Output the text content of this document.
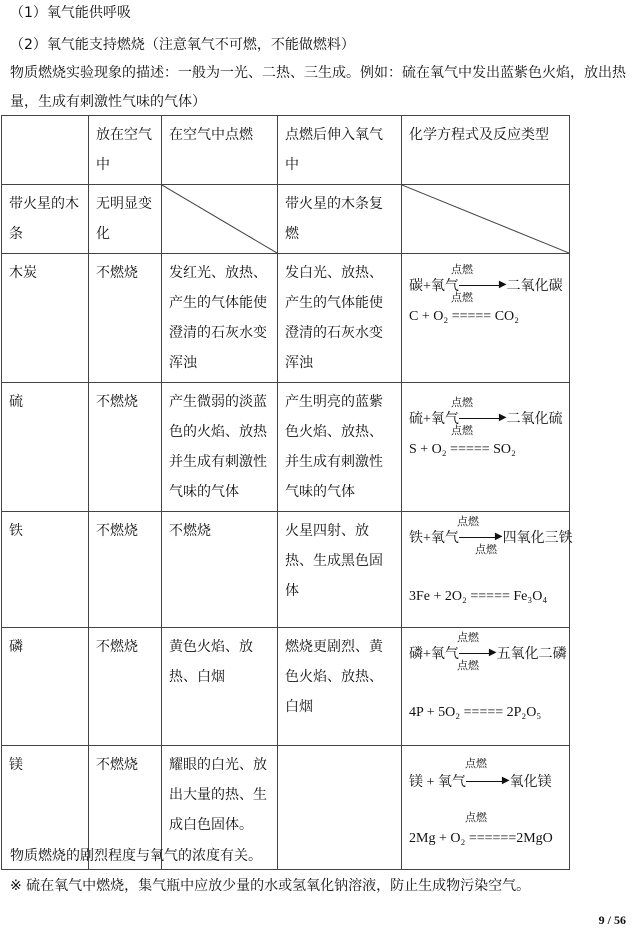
（1）氧气能供呼吸
（2）氧气能支持燃烧（注意氧气不可燃，不能做燃料）
物质燃烧实验现象的描述：一般为一光、二热、三生成。例如：硫在氧气中发出蓝紫色火焰，放出热量，生成有刺激性气味的气体）
	放在空气中	在空气中点燃	点燃后伸入氧气中	化学方程式及反应类型
带火星的木条	无明显变化		带火星的木条复燃	

木炭	不燃烧	发红光、放热、产生的气体能使澄清的石灰水变浑浊	发白光、放热、产生的气体能使澄清的石灰水变浑浊	点燃
碳+氧气 ▶二氧化碳
点燃
C + O₂ ===== CO₂

硫	不燃烧	产生微弱的淡蓝色的火焰、放热并生成有刺激性气味的气体	产生明亮的蓝紫色火焰、放热、并生成有刺激性气味的气体	点燃
硫+氧气 ▶二氧化硫
点燃
S + O₂ ===== SO₂

铁	不燃烧	不燃烧	火星四射、放热、生成黑色固体	点燃
铁+氧气 ▶四氧化三铁
点燃
3Fe + 2O₂ ===== Fe₃O₄

磷	不燃烧	黄色火焰、放热、白烟	燃烧更剧烈、黄色火焰、放热、白烟	点燃
磷+氧气 ▶五氧化二磷
点燃
4P + 5O₂ ===== 2P₂O₅

镁	不燃烧	耀眼的白光、放出大量的热、生成白色固体。		点燃
镁 + 氧气 ▶氧化镁
点燃
2Mg + O₂ ======2MgO
物质燃烧的剧烈程度与氧气的浓度有关。
※ 硫在氧气中燃烧，集气瓶中应放少量的水或氢氧化钠溶液，防止生成物污染空气。
9 / 56
